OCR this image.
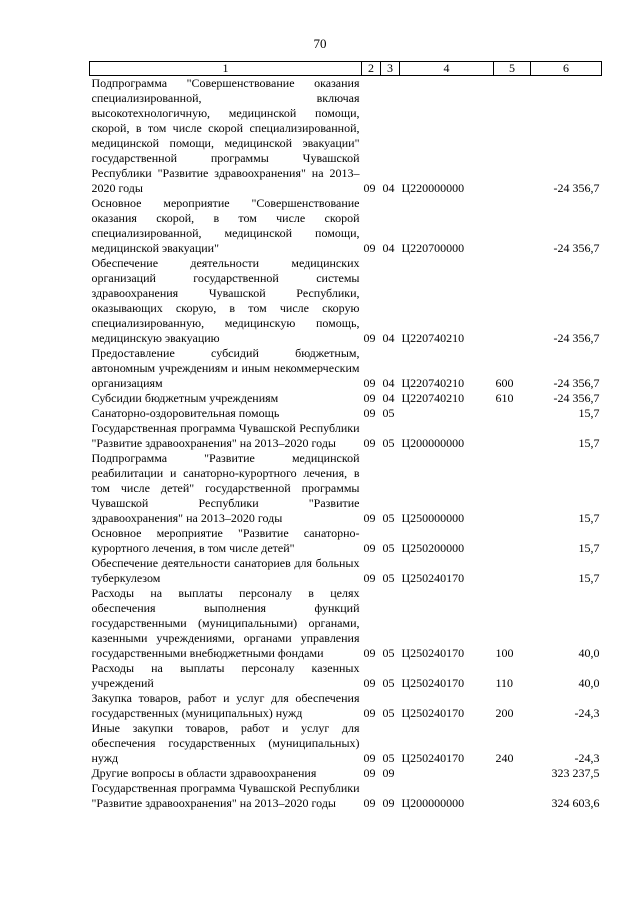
70
1	2	3	4	5	6
Подпрограмма "Совершенствование оказания специализированной, включая высокотехнологичную, медицинской помощи, скорой, в том числе скорой специализированной, медицинской помощи, медицинской эвакуации" государственной программы Чувашской Республики "Развитие здравоохранения" на 2013–2020 годы	09	04	Ц220000000		-24 356,7
Основное мероприятие "Совершенствование оказания скорой, в том числе скорой специализированной, медицинской помощи, медицинской эвакуации"	09	04	Ц220700000		-24 356,7
Обеспечение деятельности медицинских организаций государственной системы здравоохранения Чувашской Республики, оказывающих скорую, в том числе скорую специализированную, медицинскую помощь, медицинскую эвакуацию	09	04	Ц220740210		-24 356,7
Предоставление субсидий бюджетным, автономным учреждениям и иным некоммерческим организациям	09	04	Ц220740210	600	-24 356,7
Субсидии бюджетным учреждениям	09	04	Ц220740210	610	-24 356,7
Санаторно-оздоровительная помощь	09	05			15,7
Государственная программа Чувашской Республики "Развитие здравоохранения" на 2013–2020 годы	09	05	Ц200000000		15,7
Подпрограмма "Развитие медицинской реабилитации и санаторно-курортного лечения, в том числе детей" государственной программы Чувашской Республики "Развитие здравоохранения" на 2013–2020 годы	09	05	Ц250000000		15,7
Основное мероприятие "Развитие санаторно-курортного лечения, в том числе детей"	09	05	Ц250200000		15,7
Обеспечение деятельности санаториев для больных туберкулезом	09	05	Ц250240170		15,7
Расходы на выплаты персоналу в целях обеспечения выполнения функций государственными (муниципальными) органами, казенными учреждениями, органами управления государственными внебюджетными фондами	09	05	Ц250240170	100	40,0
Расходы на выплаты персоналу казенных учреждений	09	05	Ц250240170	110	40,0
Закупка товаров, работ и услуг для обеспечения государственных (муниципальных) нужд	09	05	Ц250240170	200	-24,3
Иные закупки товаров, работ и услуг для обеспечения государственных (муниципальных) нужд	09	05	Ц250240170	240	-24,3
Другие вопросы в области здравоохранения	09	09			323 237,5
Государственная программа Чувашской Республики "Развитие здравоохранения" на 2013–2020 годы	09	09	Ц200000000		324 603,6
